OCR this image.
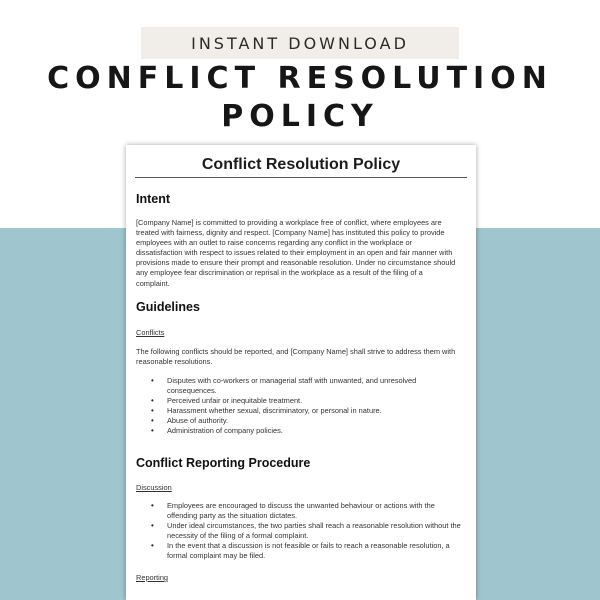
INSTANT DOWNLOAD
CONFLICT RESOLUTION
POLICY
Conflict Resolution Policy
Intent
[Company Name] is committed to providing a workplace free of conflict, where employees are
treated with fairness, dignity and respect. [Company Name] has instituted this policy to provide
employees with an outlet to raise concerns regarding any conflict in the workplace or
dissatisfaction with respect to issues related to their employment in an open and fair manner with
provisions made to ensure their prompt and reasonable resolution. Under no circumstance should
any employee fear discrimination or reprisal in the workplace as a result of the filing of a
complaint.
Guidelines
Conflicts
The following conflicts should be reported, and [Company Name] shall strive to address them with
reasonable resolutions.
• Disputes with co-workers or managerial staff with unwanted, and unresolved
consequences.
• Perceived unfair or inequitable treatment.
• Harassment whether sexual, discriminatory, or personal in nature.
• Abuse of authority.
• Administration of company policies.
Conflict Reporting Procedure
Discussion
• Employees are encouraged to discuss the unwanted behaviour or actions with the
offending party as the situation dictates.
• Under ideal circumstances, the two parties shall reach a reasonable resolution without the
necessity of the filing of a formal complaint.
• In the event that a discussion is not feasible or fails to reach a reasonable resolution, a
formal complaint may be filed.
Reporting
